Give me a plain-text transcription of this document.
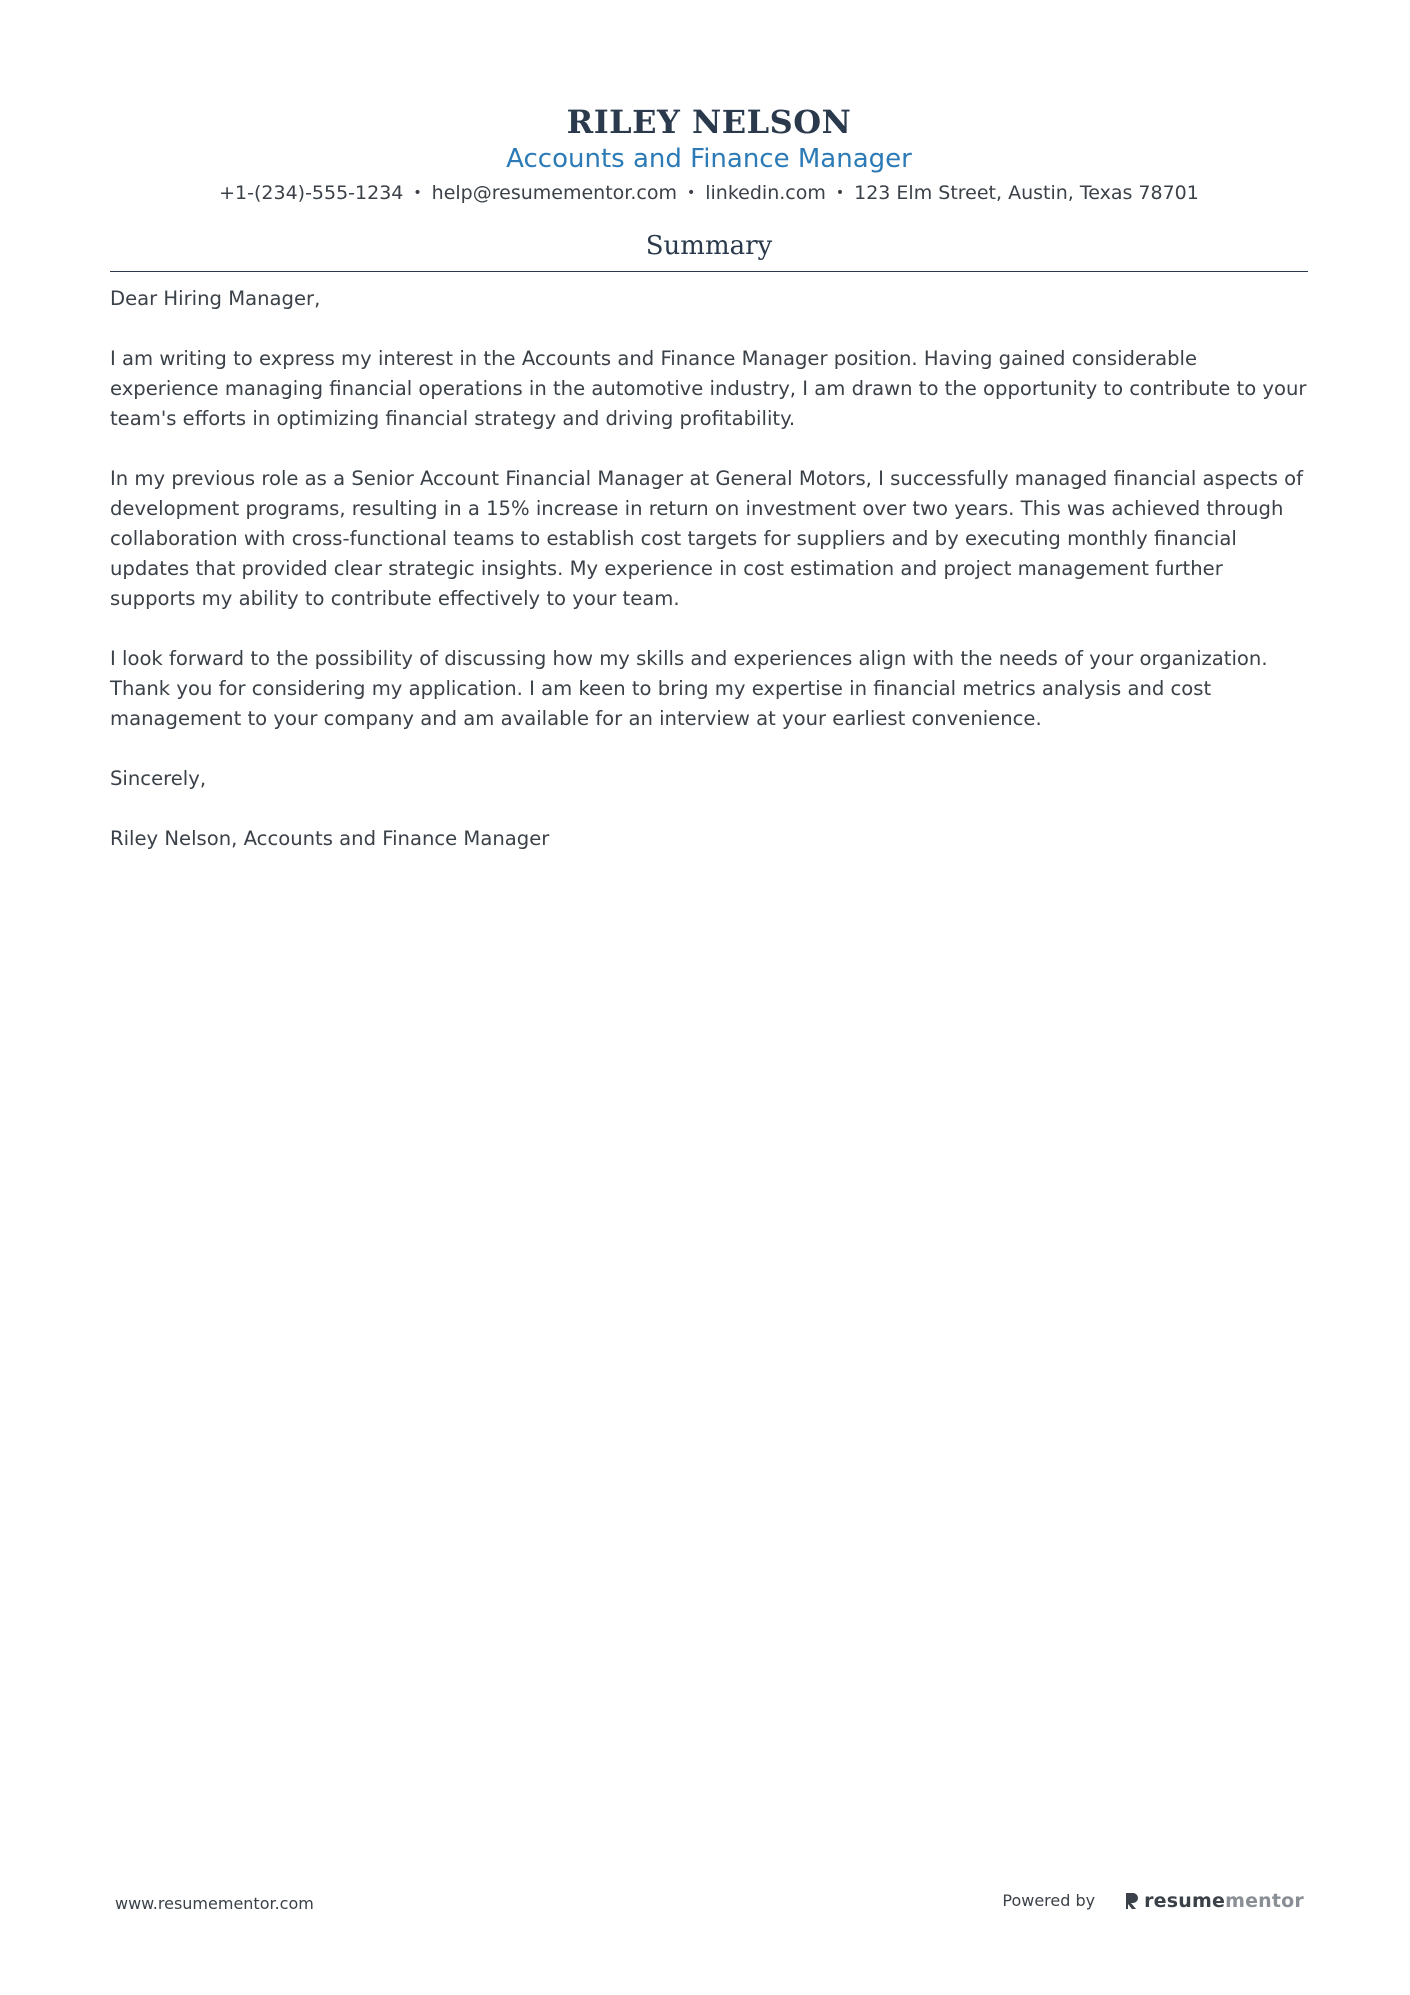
RILEY NELSON
Accounts and Finance Manager
+1-(234)-555-1234 • help@resumementor.com • linkedin.com • 123 Elm Street, Austin, Texas 78701
Summary

Dear Hiring Manager,

I am writing to express my interest in the Accounts and Finance Manager position. Having gained considerable experience managing financial operations in the automotive industry, I am drawn to the opportunity to contribute to your team's efforts in optimizing financial strategy and driving profitability.

In my previous role as a Senior Account Financial Manager at General Motors, I successfully managed financial aspects of development programs, resulting in a 15% increase in return on investment over two years. This was achieved through collaboration with cross-functional teams to establish cost targets for suppliers and by executing monthly financial updates that provided clear strategic insights. My experience in cost estimation and project management further supports my ability to contribute effectively to your team.

I look forward to the possibility of discussing how my skills and experiences align with the needs of your organization. Thank you for considering my application. I am keen to bring my expertise in financial metrics analysis and cost management to your company and am available for an interview at your earliest convenience.

Sincerely,

Riley Nelson, Accounts and Finance Manager

www.resumementor.com	Powered by	resume mentor
